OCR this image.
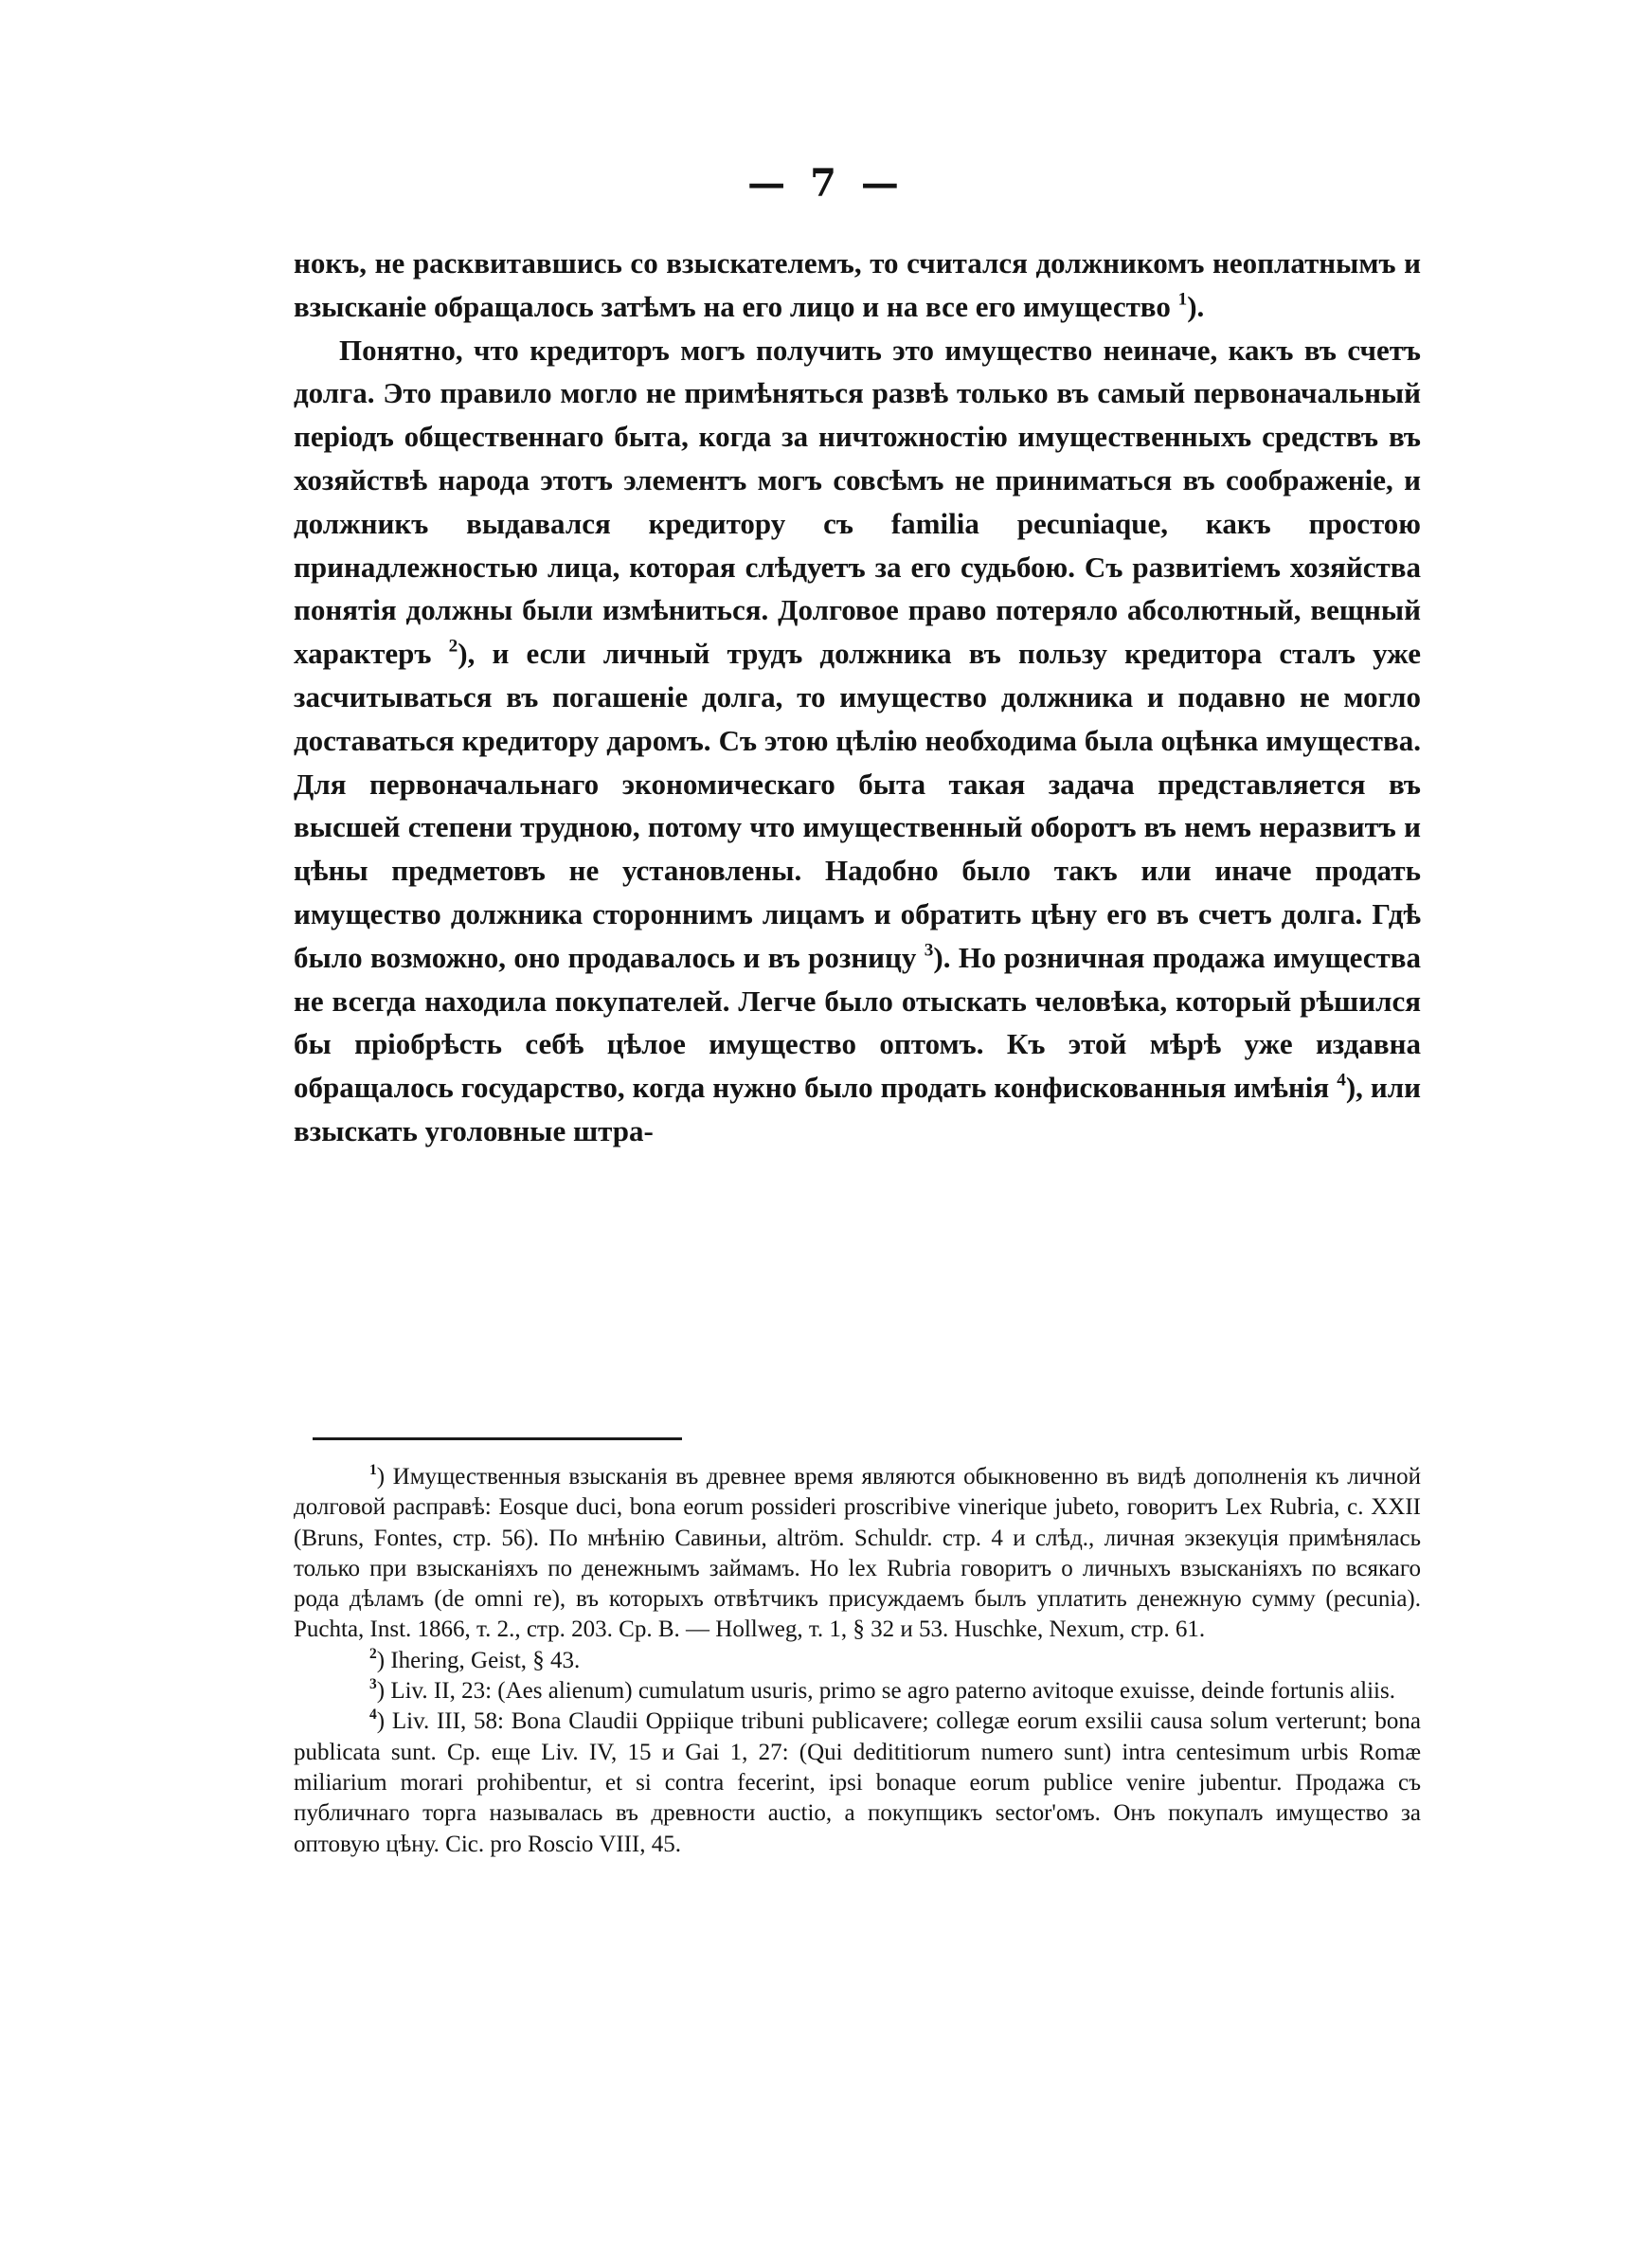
— 7 —

нокъ, не расквитавшись со взыскателемъ, то считался должникомъ неоплатнымъ и взысканіе обращалось затѣмъ на его лицо и на все его имущество $^1$).

Понятно, что кредиторъ могъ получить это имущество неиначе, какъ въ счетъ долга. Это правило могло не примѣняться развѣ только въ самый первоначальный періодъ общественнаго быта, когда за ничтожностію имущественныхъ средствъ въ хозяйствѣ народа этотъ элементъ могъ совсѣмъ не приниматься въ соображеніе, и должникъ выдавался кредитору съ familia pecuniaque, какъ простою принадлежностью лица, которая слѣдуетъ за его судьбою. Съ развитіемъ хозяйства понятія должны были измѣниться. Долговое право потеряло абсолютный, вещный характеръ $^2$), и если личный трудъ должника въ пользу кредитора сталъ уже засчитываться въ погашеніе долга, то имущество должника и подавно не могло доставаться кредитору даромъ. Съ этою цѣлію необходима была оцѣнка имущества. Для первоначальнаго экономическаго быта такая задача представляется въ высшей степени трудною, потому что имущественный оборотъ въ немъ неразвитъ и цѣны предметовъ не установлены. Надобно было такъ или иначе продать имущество должника стороннимъ лицамъ и обратить цѣну его въ счетъ долга. Гдѣ было возможно, оно продавалось и въ розницу $^3$). Но розничная продажа имущества не всегда находила покупателей. Легче было отыскать человѣка, который рѣшился бы пріобрѣсть себѣ цѣлое имущество оптомъ. Къ этой мѣрѣ уже издавна обращалось государство, когда нужно было продать конфискованныя имѣнія $^4$), или взыскать уголовные штра-

$^1$) Имущественныя взысканія въ древнее время являются обыкновенно въ видѣ дополненія къ личной долговой расправѣ: Eosque duci, bona eorum possideri proscribive vinerique jubeto, говоритъ Lex Rubria, c. XXII (Bruns, Fontes, стр. 56). По мнѣнію Савиньи, altröm. Schuldr. стр. 4 и слѣд., личная экзекуція примѣнялась только при взысканіяхъ по денежнымъ займамъ. Но lex Rubria говоритъ о личныхъ взысканіяхъ по всякаго рода дѣламъ (de omni re), въ которыхъ отвѣтчикъ присуждаемъ былъ уплатить денежную сумму (pecunia). Puchta, Inst. 1866, т. 2., стр. 203. Ср. B. — Hollweg, т. 1, § 32 и 53. Huschke, Nexum, стр. 61.

$^2$) Ihering, Geist, § 43.

$^3$) Liv. II, 23: (Aes alienum) cumulatum usuris, primo se agro paterno avitoque exuisse, deinde fortunis aliis.

$^4$) Liv. III, 58: Bona Claudii Oppiique tribuni publicavere; collegæ eorum exsilii causa solum verterunt; bona publicata sunt. Ср. еще Liv. IV, 15 и Gai 1, 27: (Qui dedititiorum numero sunt) intra centesimum urbis Romæ miliarium morari prohibentur, et si contra fecerint, ipsi bonaque eorum publice venire jubentur. Продажа съ публичнаго торга называлась въ древности auctio, а покупщикъ sector'омъ. Онъ покупалъ имущество за оптовую цѣну. Cic. pro Roscio VIII, 45.
